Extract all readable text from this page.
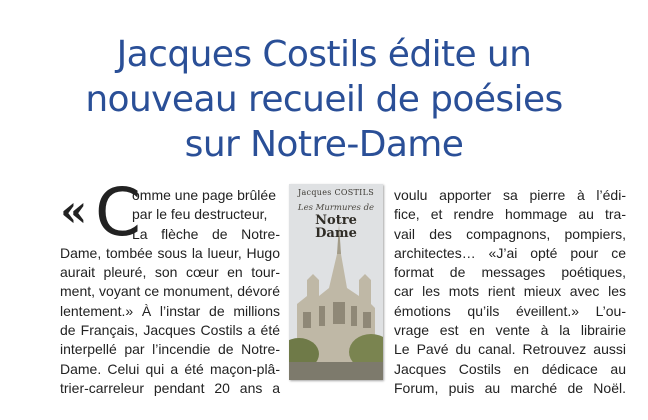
Jacques Costils édite un
nouveau recueil de poésies
sur Notre-Dame
« C
omme une page brûlée
par le feu destructeur,
La flèche de Notre-
Dame, tombée sous la lueur, Hugo
aurait pleuré, son cœur en tour-
ment, voyant ce monument, dévoré
lentement.» À l’instar de millions
de Français, Jacques Costils a été
interpellé par l’incendie de Notre-
Dame. Celui qui a été maçon-plâ-
trier-carreleur pendant 20 ans a
Jacques COSTILS
Les Murmures de
Notre
Dame
voulu apporter sa pierre à l’édi-
fice, et rendre hommage au tra-
vail des compagnons, pompiers,
architectes… «J’ai opté pour ce
format de messages poétiques,
car les mots rient mieux avec les
émotions qu’ils éveillent.» L’ou-
vrage est en vente à la librairie
Le Pavé du canal. Retrouvez aussi
Jacques Costils en dédicace au
Forum, puis au marché de Noël.
